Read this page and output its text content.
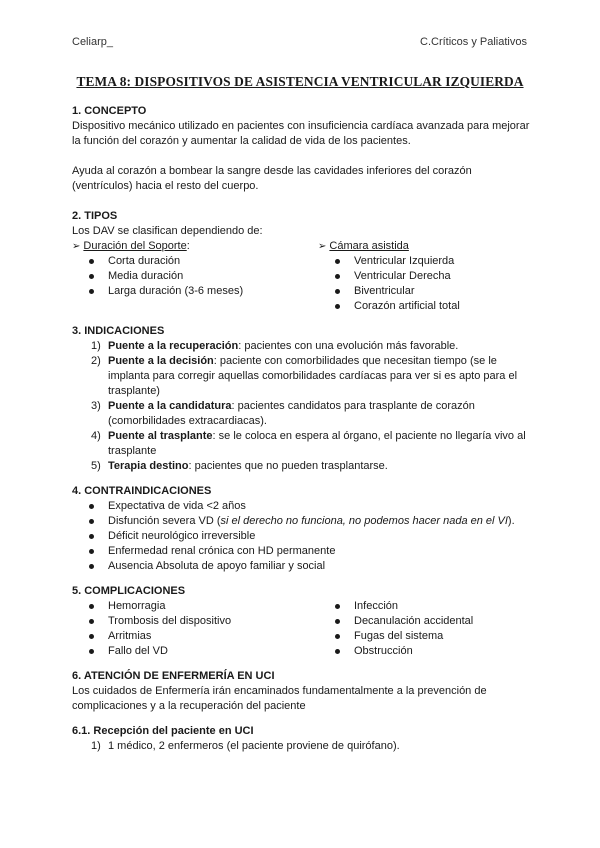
Celiarp_	C.Críticos y Paliativos
TEMA 8: DISPOSITIVOS DE ASISTENCIA VENTRICULAR IZQUIERDA
1. CONCEPTO

Dispositivo mecánico utilizado en pacientes con insuficiencia cardíaca avanzada para mejorar la función del corazón y aumentar la calidad de vida de los pacientes.

Ayuda al corazón a bombear la sangre desde las cavidades inferiores del corazón (ventrículos) hacia el resto del cuerpo.

2. TIPOS

Los DAV se clasifican dependiendo de:

➢ Duración del Soporte :
Corta duración
Media duración
Larga duración (3-6 meses)
➢ Cámara asistida
Ventricular Izquierda
Ventricular Derecha
Biventricular
Corazón artificial total
3. INDICACIONES
1) Puente a la recuperación: pacientes con una evolución más favorable.
2) Puente a la decisión: paciente con comorbilidades que necesitan tiempo (se le implanta para corregir aquellas comorbilidades cardíacas para ver si es apto para el trasplante)
3) Puente a la candidatura: pacientes candidatos para trasplante de corazón (comorbilidades extracardiacas).
4) Puente al trasplante: se le coloca en espera al órgano, el paciente no llegaría vivo al trasplante
5) Terapia destino: pacientes que no pueden trasplantarse.
4. CONTRAINDICACIONES
Expectativa de vida <2 años
Disfunción severa VD (si el derecho no funciona, no podemos hacer nada en el VI).
Déficit neurológico irreversible
Enfermedad renal crónica con HD permanente
Ausencia Absoluta de apoyo familiar y social
5. COMPLICACIONES
Hemorragia
Trombosis del dispositivo
Arritmias
Fallo del VD
Infección
Decanulación accidental
Fugas del sistema
Obstrucción
6. ATENCIÓN DE ENFERMERÍA EN UCI

Los cuidados de Enfermería irán encaminados fundamentalmente a la prevención de complicaciones y a la recuperación del paciente

6.1. Recepción del paciente en UCI
1) 1 médico, 2 enfermeros (el paciente proviene de quirófano).
